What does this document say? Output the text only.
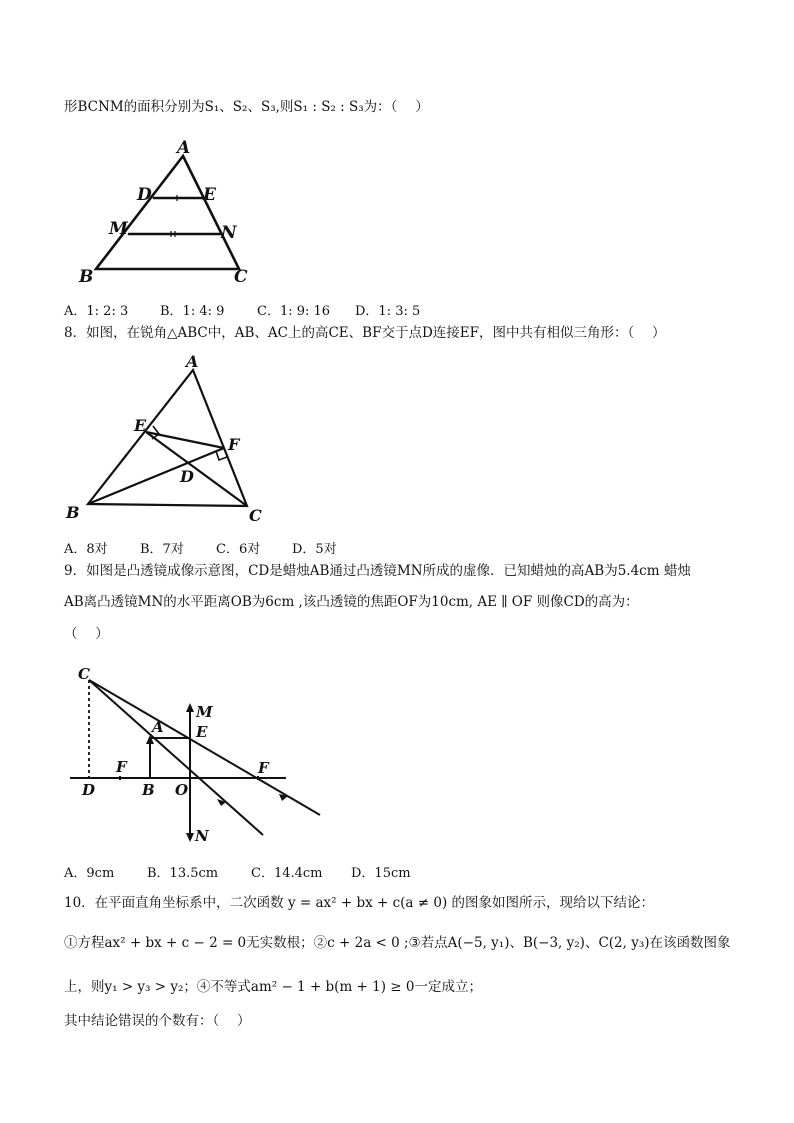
形BCNM的面积分别为S₁、S₂、S₃,则S₁ : S₂ : S₃为：（　 ）
A
D	E
M	N
B	C
A．1: 2: 3 B．1: 4: 9	C．1: 9: 16 D．1: 3: 5
8．如图，在锐角△ABC中，AB、AC上的高CE、BF交于点D连接EF，图中共有相似三角形：（　 ）
A
E
F
D
B	C
A．8对 B．7对 C．6对 D．5对
9．如图是凸透镜成像示意图，CD是蜡烛AB通过凸透镜MN所成的虚像．已知蜡烛的高AB为5.4cm 蜡烛
AB离凸透镜MN的水平距离OB为6cm ,该凸透镜的焦距OF为10cm, AE ∥ OF 则像CD的高为：
（　 ）
C
M
A E
F	F
D	B O
N
A．9cm	B．13.5cm	C．14.4cm D．15cm
10．在平面直角坐标系中，二次函数 y = ax² + bx + c(a ≠ 0) 的图象如图所示，现给以下结论：
①方程ax² + bx + c − 2 = 0无实数根；②c + 2a < 0 ;③若点A(−5, y₁)、B(−3, y₂)、C(2, y₃)在该函数图象
上，则y₁ > y₃ > y₂；④不等式am² − 1 + b(m + 1) ≥ 0一定成立；
其中结论错误的个数有：（　 ）
